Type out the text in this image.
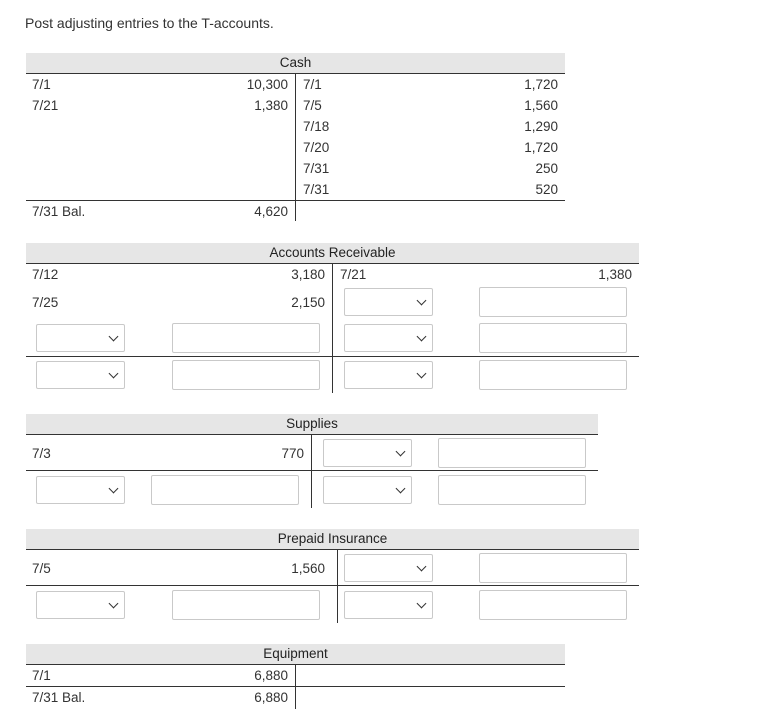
Post adjusting entries to the T-accounts.
Cash
7/1	10,300
7/21	1,380
7/1	1,720
7/5	1,560
7/18	1,290
7/20	1,720
7/31	250
7/31	520
7/31 Bal.	4,620
Accounts Receivable
7/12	3,180 7/21	1,380
7/25	2,150
Supplies
7/3	770
Prepaid Insurance
7/5	1,560
Equipment
7/1	6,880
7/31 Bal.	6,880
